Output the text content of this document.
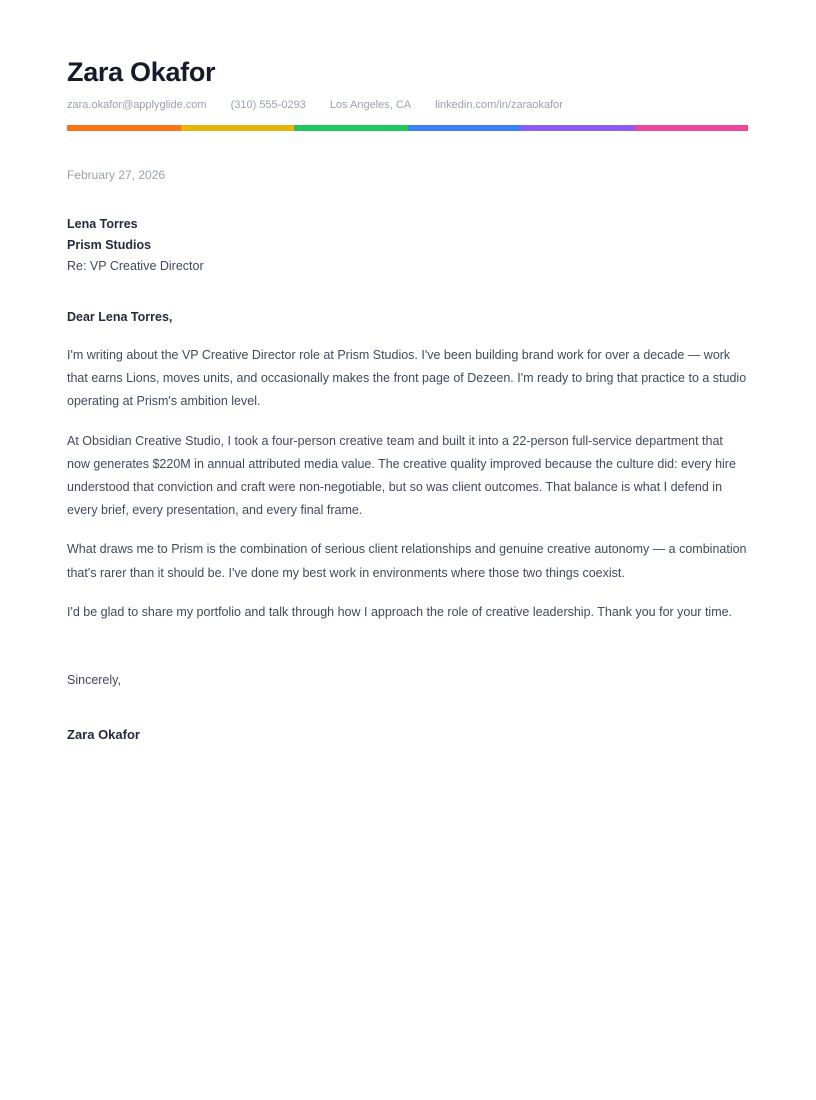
Zara Okafor
zara.okafor@applyglide.com (310) 555-0293 Los Angeles, CA linkedin.com/in/zaraokafor
February 27, 2026
Lena Torres
Prism Studios
Re: VP Creative Director
Dear Lena Torres,

I'm writing about the VP Creative Director role at Prism Studios. I've been building brand work for over a decade — work that earns Lions, moves units, and occasionally makes the front page of Dezeen. I'm ready to bring that practice to a studio operating at Prism's ambition level.

At Obsidian Creative Studio, I took a four-person creative team and built it into a 22-person full-service department that now generates $220M in annual attributed media value. The creative quality improved because the culture did: every hire understood that conviction and craft were non-negotiable, but so was client outcomes. That balance is what I defend in every brief, every presentation, and every final frame.

What draws me to Prism is the combination of serious client relationships and genuine creative autonomy — a combination that's rarer than it should be. I've done my best work in environments where those two things coexist.

I'd be glad to share my portfolio and talk through how I approach the role of creative leadership. Thank you for your time.

Sincerely,
Zara Okafor
